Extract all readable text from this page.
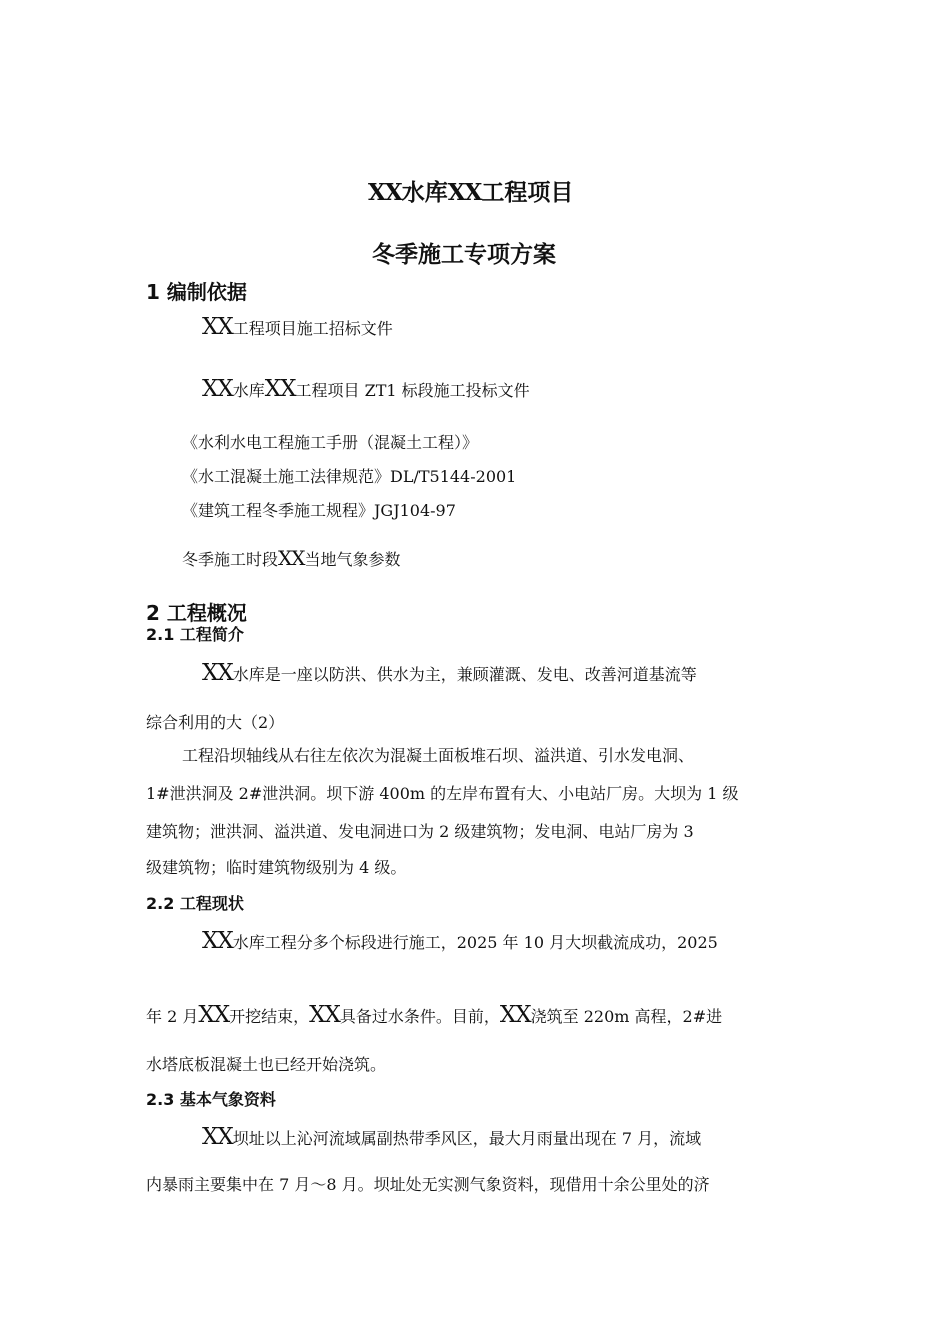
XX水库XX工程项目
冬季施工专项方案
1 编制依据
XX工程项目施工招标文件
XX水库XX工程项目 ZT1 标段施工投标文件
《水利水电工程施工手册（混凝土工程）》
《水工混凝土施工法律规范》DL/T5144-2001
《建筑工程冬季施工规程》JGJ104-97
冬季施工时段XX当地气象参数
2 工程概况
2.1 工程简介
XX水库是一座以防洪、供水为主，兼顾灌溉、发电、改善河道基流等
综合利用的大（2）
工程沿坝轴线从右往左依次为混凝土面板堆石坝、溢洪道、引水发电洞、
1#泄洪洞及 2#泄洪洞。坝下游 400m 的左岸布置有大、小电站厂房。大坝为 1 级
建筑物；泄洪洞、溢洪道、发电洞进口为 2 级建筑物；发电洞、电站厂房为 3
级建筑物；临时建筑物级别为 4 级。
2.2 工程现状
XX水库工程分多个标段进行施工，2025 年 10 月大坝截流成功，2025
年 2 月XX开挖结束，XX具备过水条件。目前，XX浇筑至 220m 高程，2#进
水塔底板混凝土也已经开始浇筑。
2.3 基本气象资料
XX坝址以上沁河流域属副热带季风区，最大月雨量出现在 7 月，流域
内暴雨主要集中在 7 月～8 月。坝址处无实测气象资料，现借用十余公里处的济
